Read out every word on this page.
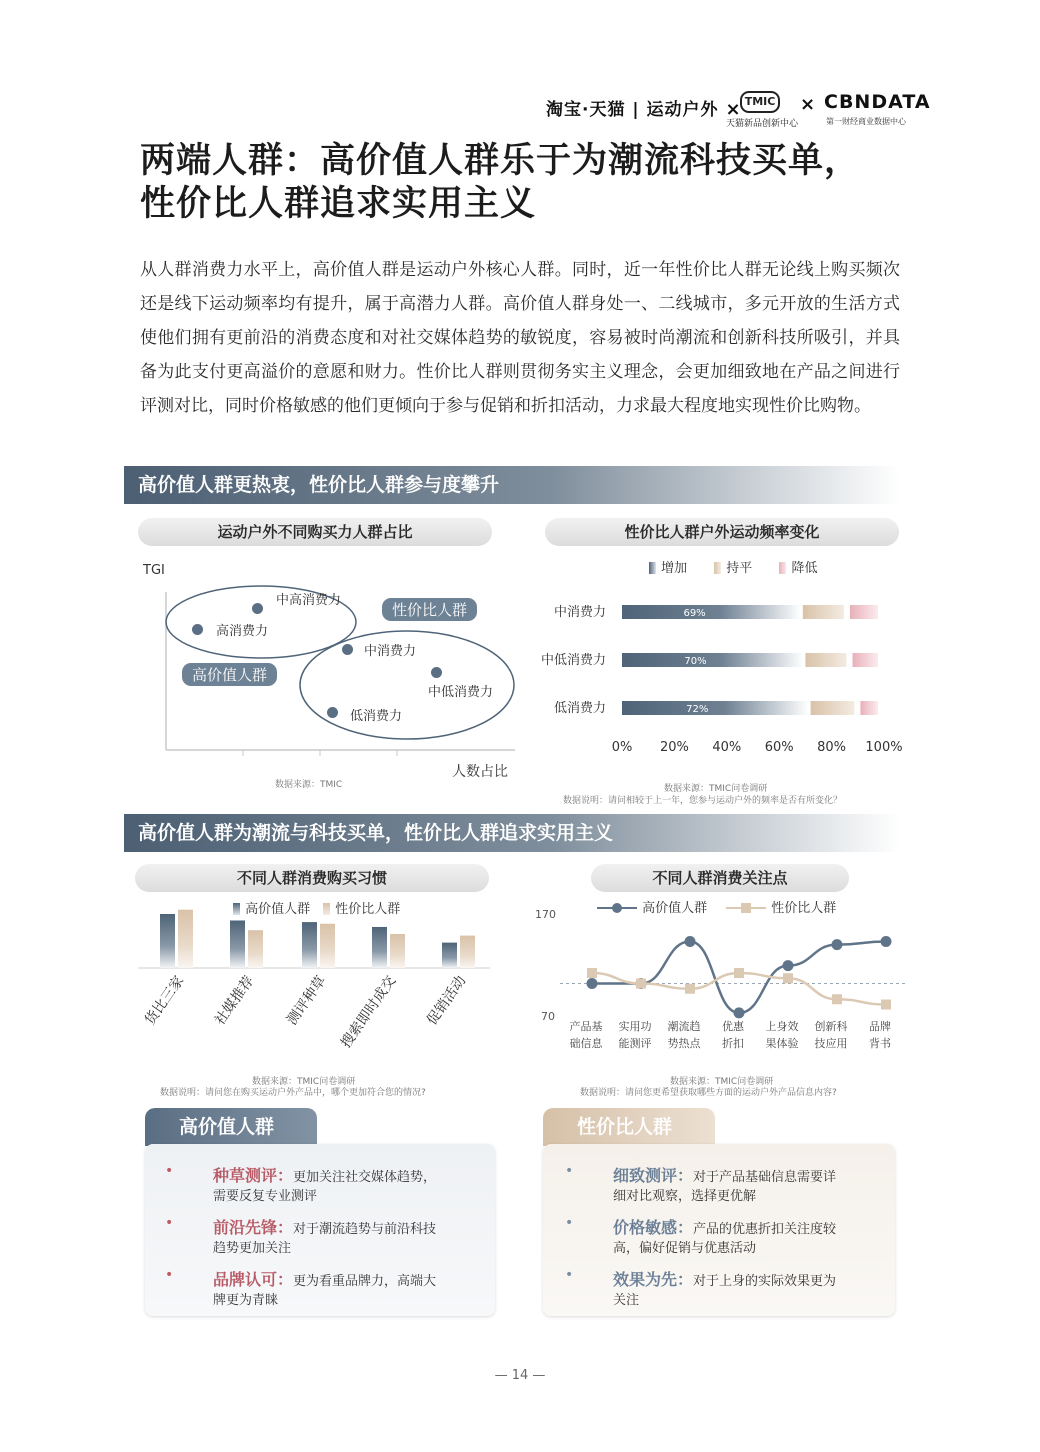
淘宝·天猫 | 运动户外 × TMIC
天猫新品创新中心
× CBNDATA
第一财经商业数据中心
两端人群：高价值人群乐于为潮流科技买单，
性价比人群追求实用主义
从人群消费力水平上，高价值人群是运动户外核心人群。同时，近一年性价比人群无论线上购买频次还是线下运动频率均有提升，属于高潜力人群。高价值人群身处一、二线城市，多元开放的生活方式使他们拥有更前沿的消费态度和对社交媒体趋势的敏锐度，容易被时尚潮流和创新科技所吸引，并具备为此支付更高溢价的意愿和财力。性价比人群则贯彻务实主义理念，会更加细致地在产品之间进行评测对比，同时价格敏感的他们更倾向于参与促销和折扣活动，力求最大程度地实现性价比购物。
高价值人群更热衷，性价比人群参与度攀升
运动户外不同购买力人群占比
TGI
中高消费力
高消费力
中消费力
中低消费力
低消费力
高价值人群
性价比人群
人数占比
数据来源：TMIC
性价比人群户外运动频率变化
增加	持平	降低
中消费力	69%
中低消费力	70%
低消费力	72%
0% 20% 40% 60% 80% 100%
数据来源：TMIC问卷调研
数据说明：请问相较于上一年，您参与运动户外的频率是否有所变化？
高价值人群为潮流与科技买单，性价比人群追求实用主义
不同人群消费购买习惯
高价值人群 性价比人群
货比三家 社媒推荐 测评种草 搜索即时成交 促销活动
数据来源：TMIC问卷调研
数据说明：请问您在购买运动户外产品中，哪个更加符合您的情况?
不同人群消费关注点
高价值人群	性价比人群
170
70
产品基
础信息
实用功
能测评
潮流趋
势热点
优惠
折扣
上身效
果体验
创新科
技应用
品牌
背书
数据来源：TMIC问卷调研
数据说明：请问您更希望获取哪些方面的运动户外产品信息内容?
高价值人群
• 种草测评：更加关注社交媒体趋势，
需要反复专业测评
• 前沿先锋：对于潮流趋势与前沿科技
趋势更加关注
• 品牌认可：更为看重品牌力，高端大
牌更为青睐
性价比人群
• 细致测评：对于产品基础信息需要详
细对比观察，选择更优解
• 价格敏感：产品的优惠折扣关注度较
高，偏好促销与优惠活动
• 效果为先：对于上身的实际效果更为
关注
— 14 —
